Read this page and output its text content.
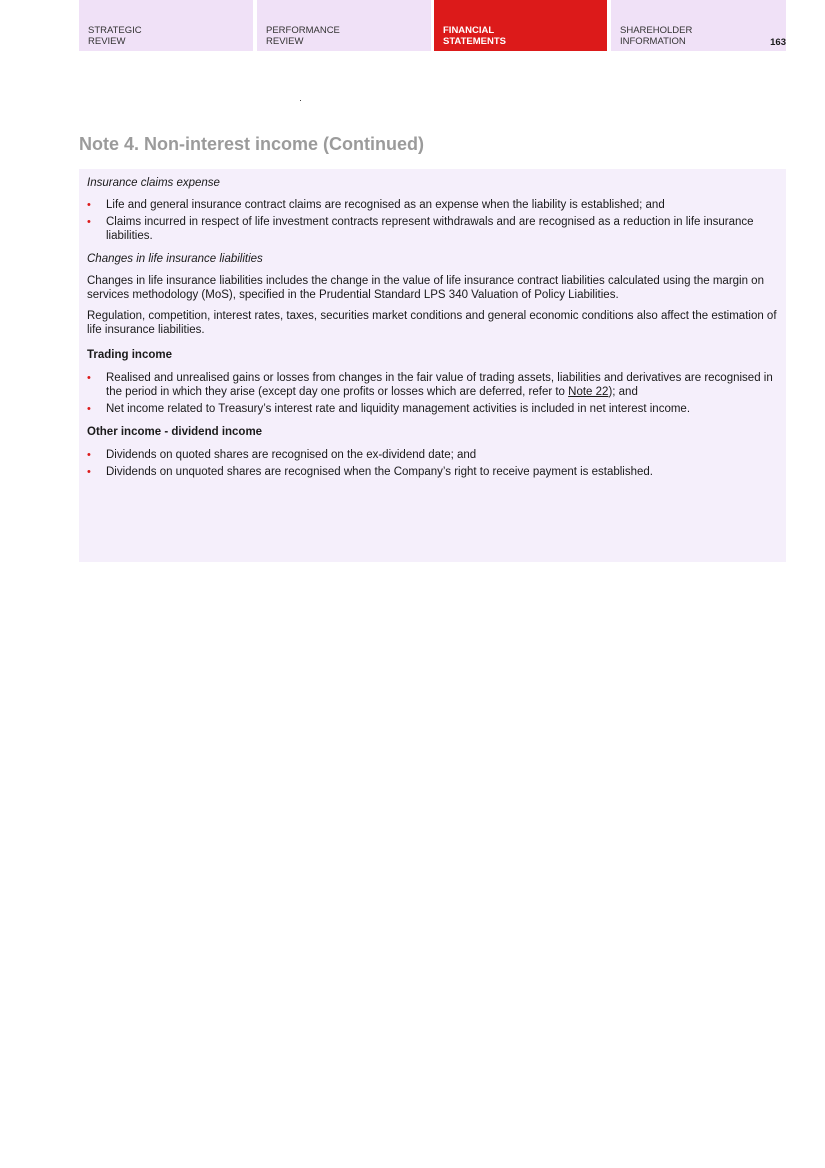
STRATEGIC
REVIEW
PERFORMANCE
REVIEW
FINANCIAL
STATEMENTS
SHAREHOLDER
INFORMATION	163
Note 4. Non-interest income (Continued)

Insurance claims expense

• Life and general insurance contract claims are recognised as an expense when the liability is established; and
• Claims incurred in respect of life investment contracts represent withdrawals and are recognised as a reduction in life insurance liabilities.

Changes in life insurance liabilities

Changes in life insurance liabilities includes the change in the value of life insurance contract liabilities calculated using the margin on services methodology (MoS), specified in the Prudential Standard LPS 340 Valuation of Policy Liabilities.

Regulation, competition, interest rates, taxes, securities market conditions and general economic conditions also affect the estimation of life insurance liabilities.

Trading income

• Realised and unrealised gains or losses from changes in the fair value of trading assets, liabilities and derivatives are recognised in the period in which they arise (except day one profits or losses which are deferred, refer to Note 22); and
• Net income related to Treasury’s interest rate and liquidity management activities is included in net interest income.

Other income - dividend income

• Dividends on quoted shares are recognised on the ex-dividend date; and
• Dividends on unquoted shares are recognised when the Company’s right to receive payment is established.
